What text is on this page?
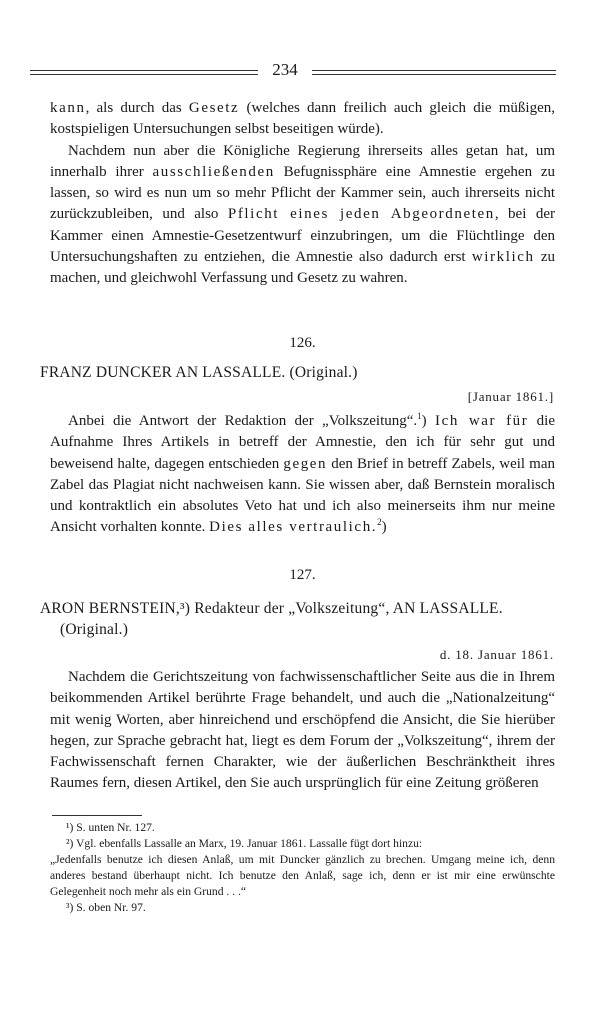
234

kann, als durch das Gesetz (welches dann freilich auch gleich die müßigen, kostspieligen Untersuchungen selbst beseitigen würde).

Nachdem nun aber die Königliche Regierung ihrerseits alles getan hat, um innerhalb ihrer ausschließenden Befugnissphäre eine Amnestie ergehen zu lassen, so wird es nun um so mehr Pflicht der Kammer sein, auch ihrerseits nicht zurückzubleiben, und also Pflicht eines jeden Abgeordneten, bei der Kammer einen Amnestie-Gesetzentwurf einzubringen, um die Flüchtlinge den Untersuchungshaften zu entziehen, die Amnestie also dadurch erst wirklich zu machen, und gleichwohl Verfassung und Gesetz zu wahren.

126.
FRANZ DUNCKER AN LASSALLE. (Original.)
[Januar 1861.]

Anbei die Antwort der Redaktion der „Volkszeitung“.$^1$) Ich war für die Aufnahme Ihres Artikels in betreff der Amnestie, den ich für sehr gut und beweisend halte, dagegen entschieden gegen den Brief in betreff Zabels, weil man Zabel das Plagiat nicht nachweisen kann. Sie wissen aber, daß Bernstein moralisch und kontraktlich ein absolutes Veto hat und ich also meinerseits ihm nur meine Ansicht vorhalten konnte. Dies alles vertraulich.$^2$)

127.
ARON BERNSTEIN,³) Redakteur der „Volkszeitung“, AN LASSALLE.
(Original.)
d. 18. Januar 1861.

Nachdem die Gerichtszeitung von fachwissenschaftlicher Seite aus die in Ihrem beikommenden Artikel berührte Frage behandelt, und auch die „Nationalzeitung“ mit wenig Worten, aber hinreichend und erschöpfend die Ansicht, die Sie hierüber hegen, zur Sprache gebracht hat, liegt es dem Forum der „Volkszeitung“, ihrem der Fachwissenschaft fernen Charakter, wie der äußerlichen Beschränktheit ihres Raumes fern, diesen Artikel, den Sie auch ursprünglich für eine Zeitung größeren

¹) S. unten Nr. 127.

²) Vgl. ebenfalls Lassalle an Marx, 19. Januar 1861. Lassalle fügt dort hinzu:

„Jedenfalls benutze ich diesen Anlaß, um mit Duncker gänzlich zu brechen. Umgang meine ich, denn anderes bestand überhaupt nicht. Ich benutze den Anlaß, sage ich, denn er ist mir eine erwünschte Gelegenheit noch mehr als ein Grund . . .“

³) S. oben Nr. 97.
